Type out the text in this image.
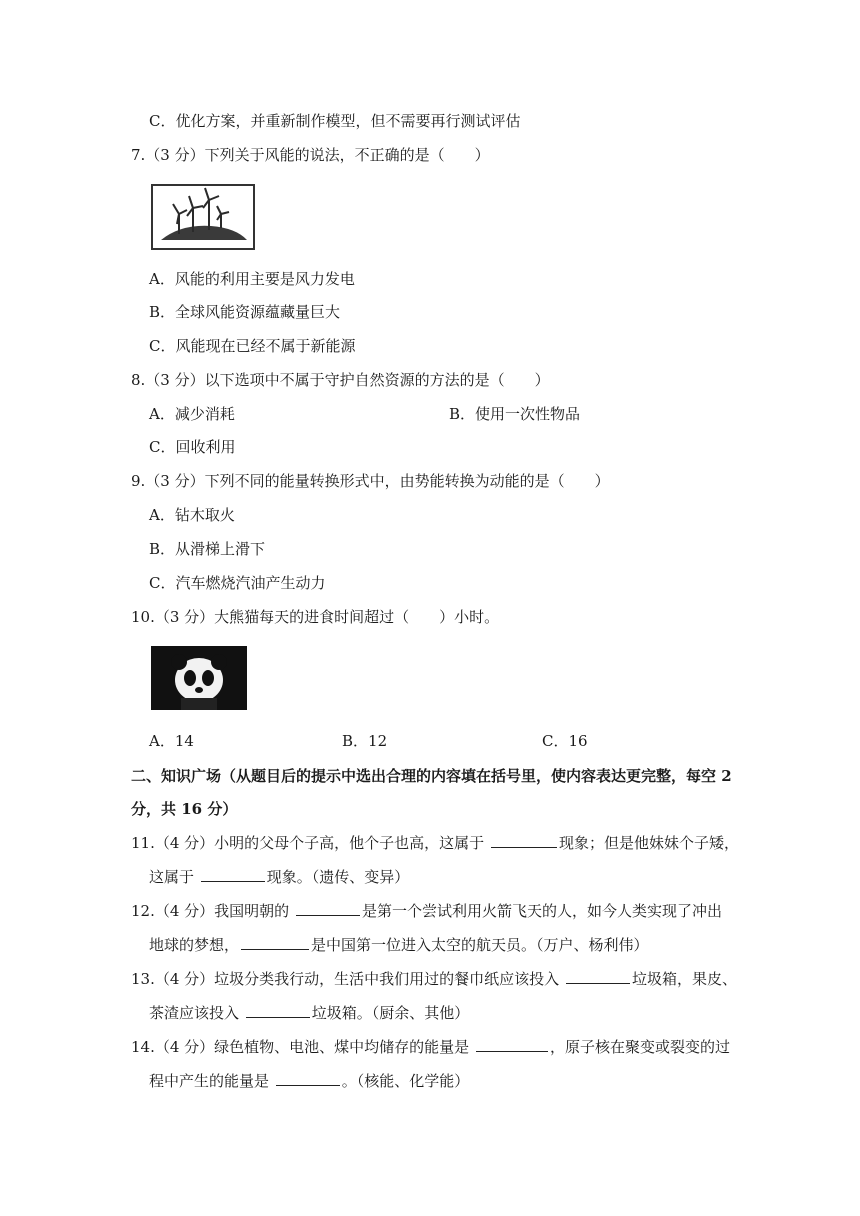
C．优化方案，并重新制作模型，但不需要再行测试评估
7.（3 分）下列关于风能的说法，不正确的是（　　）
A．风能的利用主要是风力发电
B．全球风能资源蕴藏量巨大
C．风能现在已经不属于新能源
8.（3 分）以下选项中不属于守护自然资源的方法的是（　　）
A．减少消耗	B．使用一次性物品
C．回收利用
9.（3 分）下列不同的能量转换形式中，由势能转换为动能的是（　　）
A．钻木取火
B．从滑梯上滑下
C．汽车燃烧汽油产生动力
10.（3 分）大熊猫每天的进食时间超过（　　）小时。
A．14	B．12	C．16
二、知识广场（从题目后的提示中选出合理的内容填在括号里，使内容表达更完整，每空 2
分，共 16 分）
11.（4 分）小明的父母个子高，他个子也高，这属于	现象；但是他妹妹个子矮，
这属于	现象。（遗传、变异）
12.（4 分）我国明朝的	是第一个尝试利用火箭飞天的人，如今人类实现了冲出
地球的梦想，	是中国第一位进入太空的航天员。（万户、杨利伟）
13.（4 分）垃圾分类我行动，生活中我们用过的餐巾纸应该投入	垃圾箱，果皮、
茶渣应该投入	垃圾箱。（厨余、其他）
14.（4 分）绿色植物、电池、煤中均储存的能量是	，原子核在聚变或裂变的过
程中产生的能量是	。（核能、化学能）
